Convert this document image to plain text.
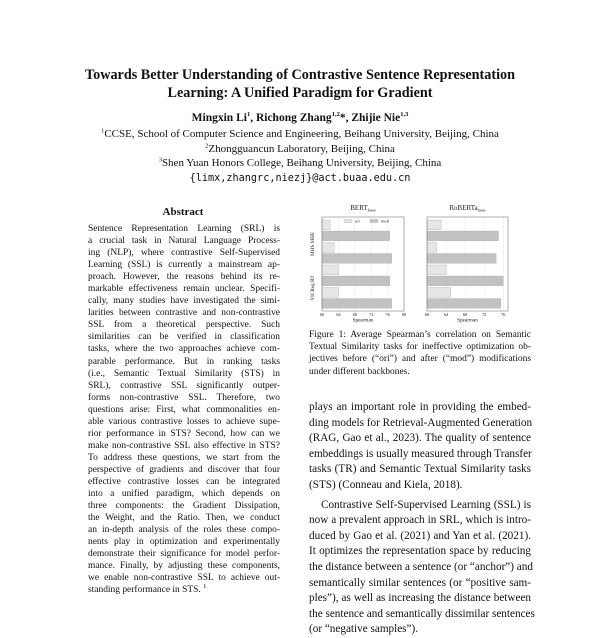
Towards Better Understanding of Contrastive Sentence Representation
Learning: A Unified Paradigm for Gradient
Mingxin Li$^1$, Richong Zhang$^{1,2}$*, Zhijie Nie$^{1,3}$
$^1$CCSE, School of Computer Science and Engineering, Beihang University, Beijing, China
$^2$Zhongguancun Laboratory, Beijing, China
$^3$Shen Yuan Honors College, Beihang University, Beijing, China
{limx,zhangrc,niezj}@act.buaa.edu.cn
Abstract
Sentence Representation Learning (SRL) is
a crucial task in Natural Language Process-
ing (NLP), where contrastive Self-Supervised
Learning (SSL) is currently a mainstream ap-
proach. However, the reasons behind its re-
markable effectiveness remain unclear. Specifi-
cally, many studies have investigated the simi-
larities between contrastive and non-contrastive
SSL from a theoretical perspective. Such
similarities can be verified in classification
tasks, where the two approaches achieve com-
parable performance. But in ranking tasks
(i.e., Semantic Textual Similarity (STS) in
SRL), contrastive SSL significantly outper-
forms non-contrastive SSL. Therefore, two
questions arise: First, what commonalities en-
able various contrastive losses to achieve supe-
rior performance in STS? Second, how can we
make non-contrastive SSL also effective in STS?
To address these questions, we start from the
perspective of gradients and discover that four
effective contrastive losses can be integrated
into a unified paradigm, which depends on
three components: the Gradient Dissipation,
the Weight, and the Ratio. Then, we conduct
an in-depth analysis of the roles these compo-
nents play in optimization and experimentally
demonstrate their significance for model perfor-
mance. Finally, by adjusting these components,
we enable non-contrastive SSL to achieve out-
standing performance in STS. $^1$
MHS MHE
VICReg BT
$BERT_{base}$
60	64	68	72	76	80
Spearman
ori	mod
RoBERTa$_{base}$
60	64	68	72	76
Spearman
Figure 1: Average Spearman’s correlation on Semantic
Textual Similarity tasks for ineffective optimization ob-
jectives before (“ori”) and after (“mod”) modifications
under different backbones.
plays an important role in providing the embed-
ding models for Retrieval-Augmented Generation
(RAG, Gao et al., 2023). The quality of sentence
embeddings is usually measured through Transfer
tasks (TR) and Semantic Textual Similarity tasks
(STS) (Conneau and Kiela, 2018).
Contrastive Self-Supervised Learning (SSL) is
now a prevalent approach in SRL, which is intro-
duced by Gao et al. (2021) and Yan et al. (2021).
It optimizes the representation space by reducing
the distance between a sentence (or “anchor”) and
semantically similar sentences (or “positive sam-
ples”), as well as increasing the distance between
the sentence and semantically dissimilar sentences
(or “negative samples”).
